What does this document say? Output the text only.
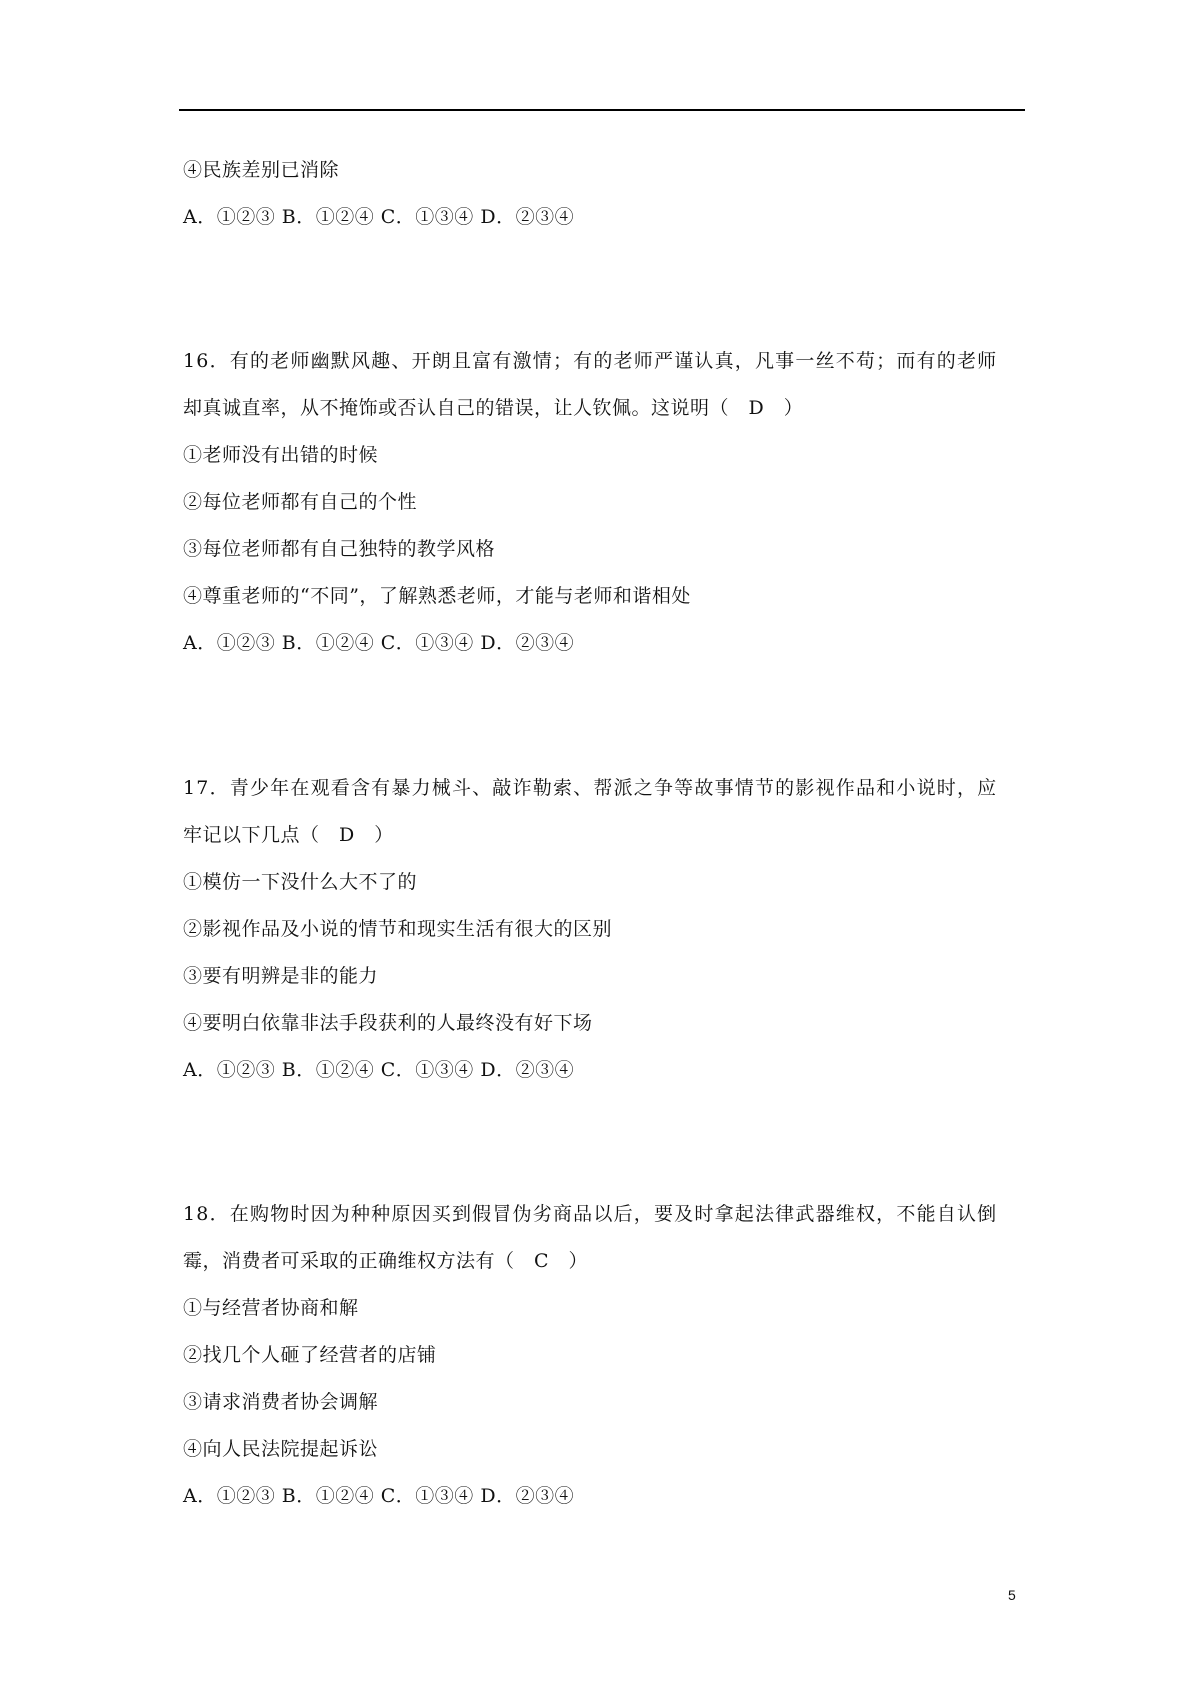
④民族差别已消除
A．①②③ B．①②④ C．①③④ D．②③④
16．有的老师幽默风趣、开朗且富有激情；有的老师严谨认真，凡事一丝不苟；而有的老师
却真诚直率，从不掩饰或否认自己的错误，让人钦佩。这说明（　D　）
①老师没有出错的时候
②每位老师都有自己的个性
③每位老师都有自己独特的教学风格
④尊重老师的“不同”，了解熟悉老师，才能与老师和谐相处
A．①②③ B．①②④ C．①③④ D．②③④
17．青少年在观看含有暴力械斗、敲诈勒索、帮派之争等故事情节的影视作品和小说时，应
牢记以下几点（　D　）
①模仿一下没什么大不了的
②影视作品及小说的情节和现实生活有很大的区别
③要有明辨是非的能力
④要明白依靠非法手段获利的人最终没有好下场
A．①②③ B．①②④ C．①③④ D．②③④
18．在购物时因为种种原因买到假冒伪劣商品以后，要及时拿起法律武器维权，不能自认倒
霉，消费者可采取的正确维权方法有（　C　）
①与经营者协商和解
②找几个人砸了经营者的店铺
③请求消费者协会调解
④向人民法院提起诉讼
A．①②③ B．①②④ C．①③④ D．②③④
5
